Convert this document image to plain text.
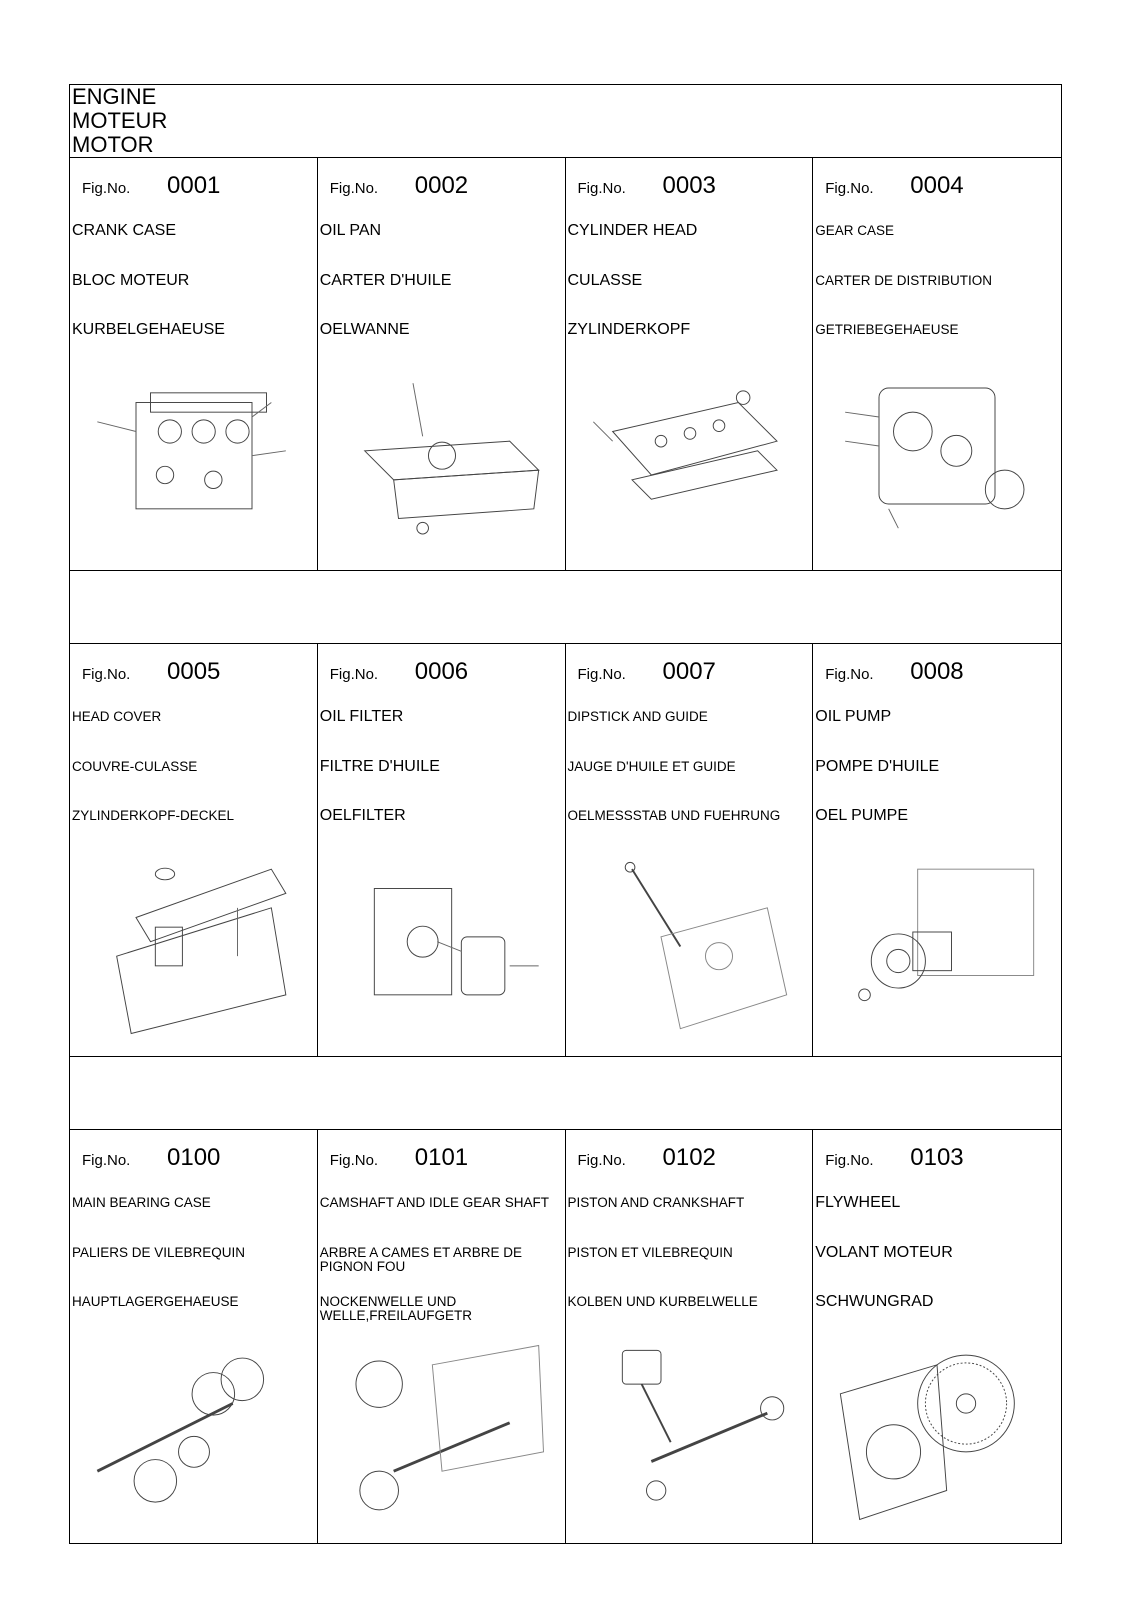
ENGINE
MOTEUR
MOTOR
Fig.No.	0001
CRANK CASE
BLOC MOTEUR
KURBELGEHAEUSE
Fig.No.	0002
OIL PAN
CARTER D'HUILE
OELWANNE
Fig.No.	0003
CYLINDER HEAD
CULASSE
ZYLINDERKOPF
Fig.No.	0004
GEAR CASE
CARTER DE DISTRIBUTION
GETRIEBEGEHAEUSE
Fig.No.	0005
HEAD COVER
COUVRE-CULASSE
ZYLINDERKOPF-DECKEL
Fig.No.	0006
OIL FILTER
FILTRE D'HUILE
OELFILTER
Fig.No.	0007
DIPSTICK AND GUIDE
JAUGE D'HUILE ET GUIDE
OELMESSSTAB UND FUEHRUNG
Fig.No.	0008
OIL PUMP
POMPE D'HUILE
OEL PUMPE
Fig.No.	0100
MAIN BEARING CASE
PALIERS DE VILEBREQUIN
HAUPTLAGERGEHAEUSE
Fig.No.	0101
CAMSHAFT AND IDLE GEAR SHAFT
ARBRE A CAMES ET ARBRE DE PIGNON FOU
NOCKENWELLE UND WELLE,FREILAUFGETR
Fig.No.	0102
PISTON AND CRANKSHAFT
PISTON ET VILEBREQUIN
KOLBEN UND KURBELWELLE
Fig.No.	0103
FLYWHEEL
VOLANT MOTEUR
SCHWUNGRAD
